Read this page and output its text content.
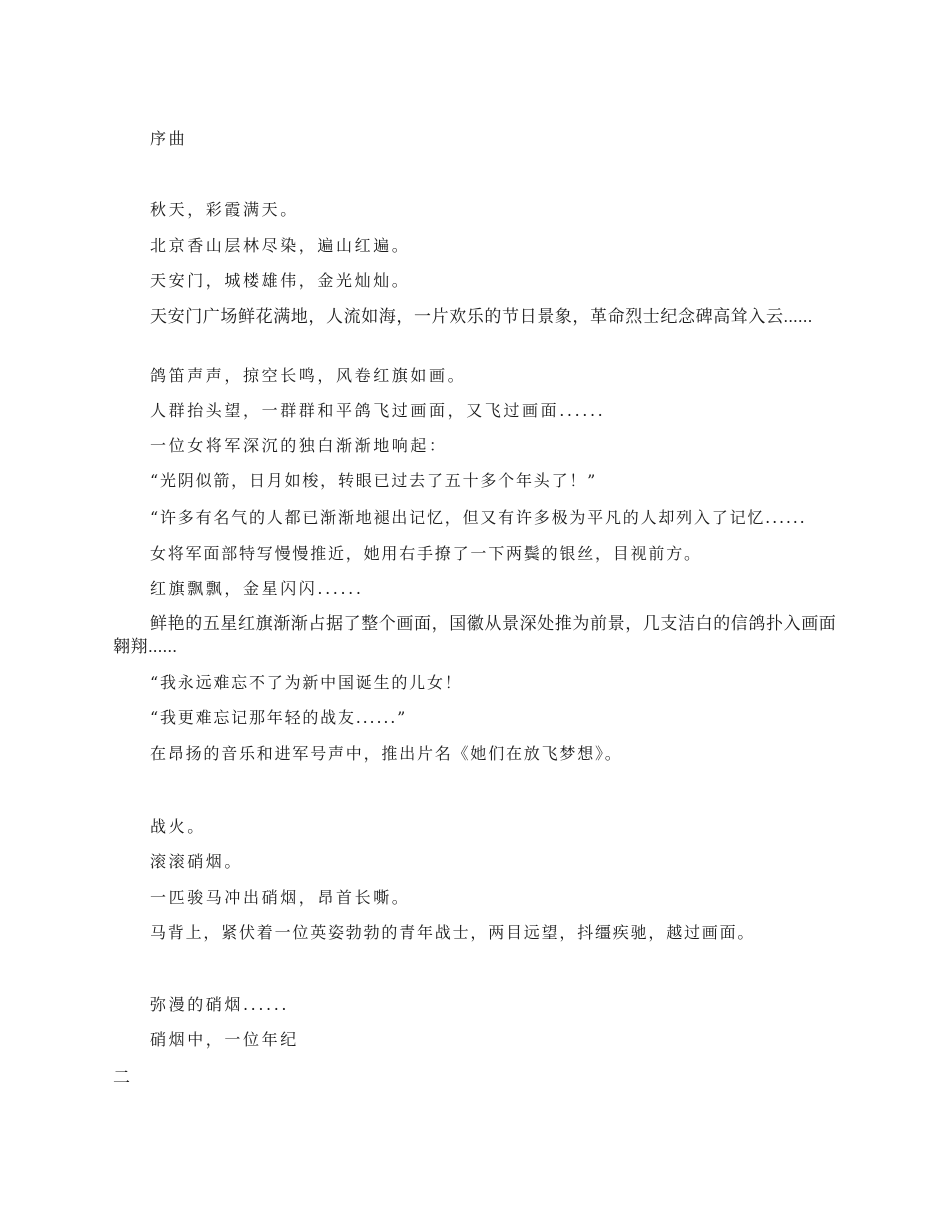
序曲
秋天，彩霞满天。
北京香山层林尽染，遍山红遍。
天安门，城楼雄伟，金光灿灿。
天安门广场鲜花满地，人流如海，一片欢乐的节日景象，革命烈士纪念碑高耸入云......
鸽笛声声，掠空长鸣，风卷红旗如画。
人群抬头望，一群群和平鸽飞过画面，又飞过画面......
一位女将军深沉的独白渐渐地响起：
“光阴似箭，日月如梭，转眼已过去了五十多个年头了！”
“许多有名气的人都已渐渐地褪出记忆，但又有许多极为平凡的人却列入了记忆......
女将军面部特写慢慢推近，她用右手撩了一下两鬓的银丝，目视前方。
红旗飘飘，金星闪闪......
鲜艳的五星红旗渐渐占据了整个画面，国徽从景深处推为前景，几支洁白的信鸽扑入画面翱翔......
“我永远难忘不了为新中国诞生的儿女！
“我更难忘记那年轻的战友......”
在昂扬的音乐和进军号声中，推出片名《她们在放飞梦想》。
战火。
滚滚硝烟。
一匹骏马冲出硝烟，昂首长嘶。
马背上，紧伏着一位英姿勃勃的青年战士，两目远望，抖缰疾驰，越过画面。
弥漫的硝烟......
硝烟中，一位年纪
二
